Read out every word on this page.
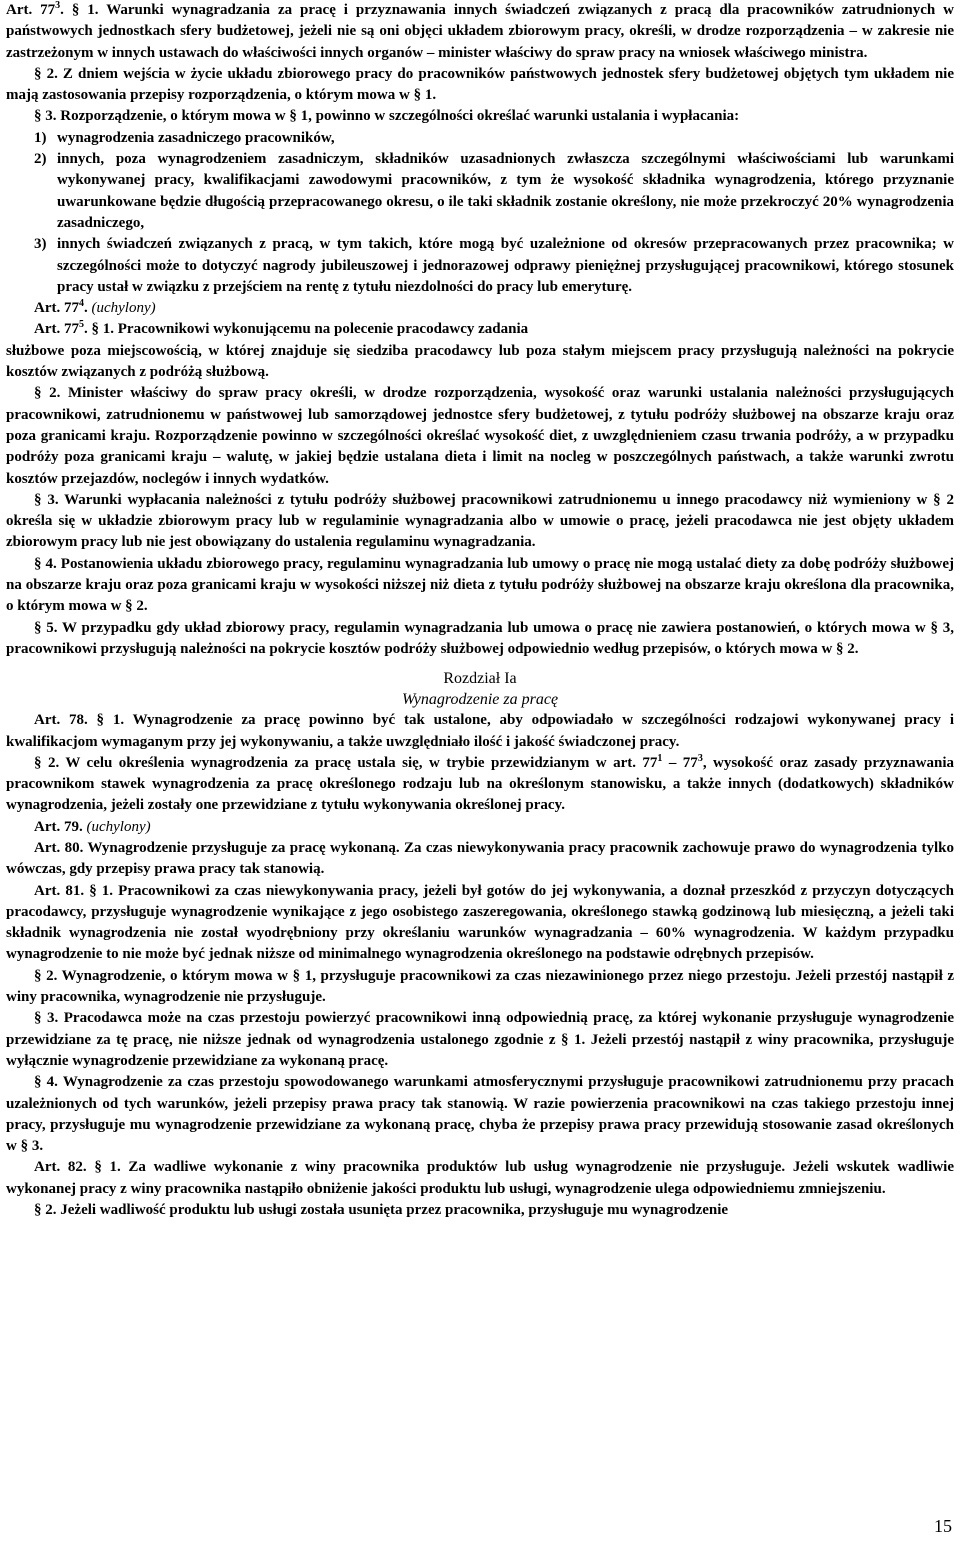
Art. $77^3$. § 1. Warunki wynagradzania za pracę i przyznawania innych świadczeń związanych z pracą dla pracowników zatrudnionych w państwowych jednostkach sfery budżetowej, jeżeli nie są oni objęci układem zbiorowym pracy, określi, w drodze rozporządzenia – w zakresie nie zastrzeżonym w innych ustawach do właściwości innych organów – minister właściwy do spraw pracy na wniosek właściwego ministra.

§ 2. Z dniem wejścia w życie układu zbiorowego pracy do pracowników państwowych jednostek sfery budżetowej objętych tym układem nie mają zastosowania przepisy rozporządzenia, o którym mowa w § 1.

§ 3. Rozporządzenie, o którym mowa w § 1, powinno w szczególności określać warunki ustalania i wypłacania:

1) wynagrodzenia zasadniczego pracowników,

2) innych, poza wynagrodzeniem zasadniczym, składników uzasadnionych zwłaszcza szczególnymi właściwościami lub warunkami wykonywanej pracy, kwalifikacjami zawodowymi pracowników, z tym że wysokość składnika wynagrodzenia, którego przyznanie uwarunkowane będzie długością przepracowanego okresu, o ile taki składnik zostanie określony, nie może przekroczyć 20% wynagrodzenia zasadniczego,

3) innych świadczeń związanych z pracą, w tym takich, które mogą być uzależnione od okresów przepracowanych przez pracownika; w szczególności może to dotyczyć nagrody jubileuszowej i jednorazowej odprawy pieniężnej przysługującej pracownikowi, którego stosunek pracy ustał w związku z przejściem na rentę z tytułu niezdolności do pracy lub emeryturę.

Art. $77^4$. (uchylony)

Art. $77^5$. § 1. Pracownikowi wykonującemu na polecenie pracodawcy zadania

służbowe poza miejscowością, w której znajduje się siedziba pracodawcy lub poza stałym miejscem pracy przysługują należności na pokrycie kosztów związanych z podróżą służbową.

§ 2. Minister właściwy do spraw pracy określi, w drodze rozporządzenia, wysokość oraz warunki ustalania należności przysługujących pracownikowi, zatrudnionemu w państwowej lub samorządowej jednostce sfery budżetowej, z tytułu podróży służbowej na obszarze kraju oraz poza granicami kraju. Rozporządzenie powinno w szczególności określać wysokość diet, z uwzględnieniem czasu trwania podróży, a w przypadku podróży poza granicami kraju – walutę, w jakiej będzie ustalana dieta i limit na nocleg w poszczególnych państwach, a także warunki zwrotu kosztów przejazdów, noclegów i innych wydatków.

§ 3. Warunki wypłacania należności z tytułu podróży służbowej pracownikowi zatrudnionemu u innego pracodawcy niż wymieniony w § 2 określa się w układzie zbiorowym pracy lub w regulaminie wynagradzania albo w umowie o pracę, jeżeli pracodawca nie jest objęty układem zbiorowym pracy lub nie jest obowiązany do ustalenia regulaminu wynagradzania.

§ 4. Postanowienia układu zbiorowego pracy, regulaminu wynagradzania lub umowy o pracę nie mogą ustalać diety za dobę podróży służbowej na obszarze kraju oraz poza granicami kraju w wysokości niższej niż dieta z tytułu podróży służbowej na obszarze kraju określona dla pracownika, o którym mowa w § 2.

§ 5. W przypadku gdy układ zbiorowy pracy, regulamin wynagradzania lub umowa o pracę nie zawiera postanowień, o których mowa w § 3, pracownikowi przysługują należności na pokrycie kosztów podróży służbowej odpowiednio według przepisów, o których mowa w § 2.

Rozdział Ia
Wynagrodzenie za pracę

Art. 78. § 1. Wynagrodzenie za pracę powinno być tak ustalone, aby odpowiadało w szczególności rodzajowi wykonywanej pracy i kwalifikacjom wymaganym przy jej wykonywaniu, a także uwzględniało ilość i jakość świadczonej pracy.

§ 2. W celu określenia wynagrodzenia za pracę ustala się, w trybie przewidzianym w art. $77^1 - 77^3$, wysokość oraz zasady przyznawania pracownikom stawek wynagrodzenia za pracę określonego rodzaju lub na określonym stanowisku, a także innych (dodatkowych) składników wynagrodzenia, jeżeli zostały one przewidziane z tytułu wykonywania określonej pracy.

Art. 79. (uchylony)

Art. 80. Wynagrodzenie przysługuje za pracę wykonaną. Za czas niewykonywania pracy pracownik zachowuje prawo do wynagrodzenia tylko wówczas, gdy przepisy prawa pracy tak stanowią.

Art. 81. § 1. Pracownikowi za czas niewykonywania pracy, jeżeli był gotów do jej wykonywania, a doznał przeszkód z przyczyn dotyczących pracodawcy, przysługuje wynagrodzenie wynikające z jego osobistego zaszeregowania, określonego stawką godzinową lub miesięczną, a jeżeli taki składnik wynagrodzenia nie został wyodrębniony przy określaniu warunków wynagradzania – 60% wynagrodzenia. W każdym przypadku wynagrodzenie to nie może być jednak niższe od minimalnego wynagrodzenia określonego na podstawie odrębnych przepisów.

§ 2. Wynagrodzenie, o którym mowa w § 1, przysługuje pracownikowi za czas niezawinionego przez niego przestoju. Jeżeli przestój nastąpił z winy pracownika, wynagrodzenie nie przysługuje.

§ 3. Pracodawca może na czas przestoju powierzyć pracownikowi inną odpowiednią pracę, za której wykonanie przysługuje wynagrodzenie przewidziane za tę pracę, nie niższe jednak od wynagrodzenia ustalonego zgodnie z § 1. Jeżeli przestój nastąpił z winy pracownika, przysługuje wyłącznie wynagrodzenie przewidziane za wykonaną pracę.

§ 4. Wynagrodzenie za czas przestoju spowodowanego warunkami atmosferycznymi przysługuje pracownikowi zatrudnionemu przy pracach uzależnionych od tych warunków, jeżeli przepisy prawa pracy tak stanowią. W razie powierzenia pracownikowi na czas takiego przestoju innej pracy, przysługuje mu wynagrodzenie przewidziane za wykonaną pracę, chyba że przepisy prawa pracy przewidują stosowanie zasad określonych w § 3.

Art. 82. § 1. Za wadliwe wykonanie z winy pracownika produktów lub usług wynagrodzenie nie przysługuje. Jeżeli wskutek wadliwie wykonanej pracy z winy pracownika nastąpiło obniżenie jakości produktu lub usługi, wynagrodzenie ulega odpowiedniemu zmniejszeniu.

§ 2. Jeżeli wadliwość produktu lub usługi została usunięta przez pracownika, przysługuje mu wynagrodzenie

15
